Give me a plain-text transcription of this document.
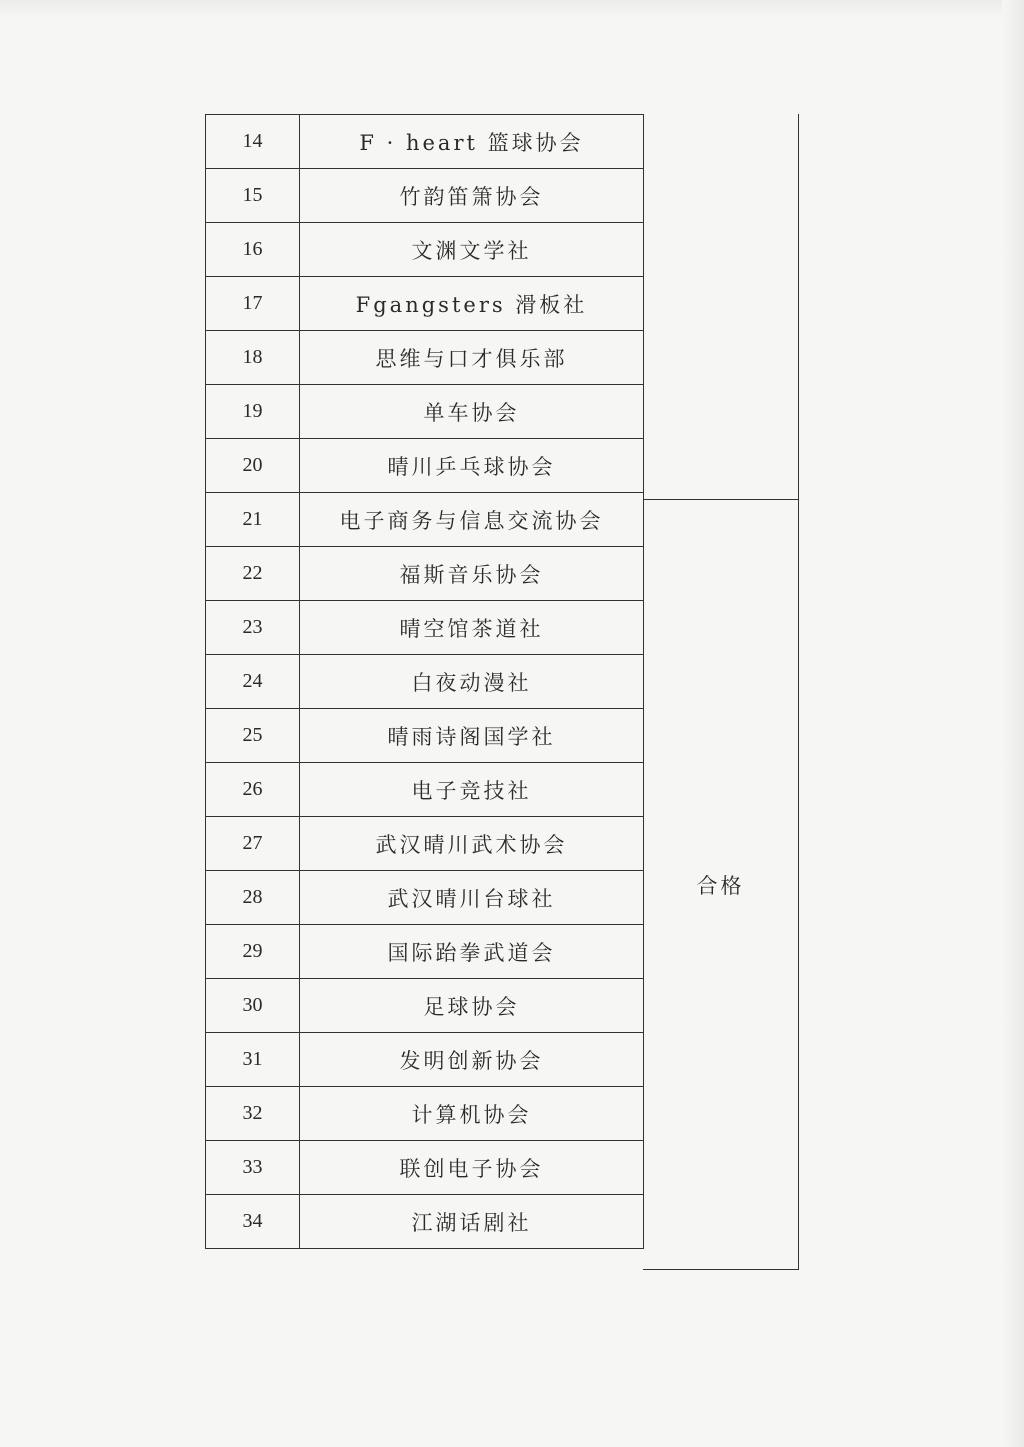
14	F · heart 篮球协会
15	竹韵笛箫协会
16	文渊文学社
17	Fgangsters 滑板社
18	思维与口才俱乐部
19	单车协会
20	晴川乒乓球协会
21	电子商务与信息交流协会
22	福斯音乐协会
23	晴空馆茶道社
24	白夜动漫社
25	晴雨诗阁国学社
26	电子竞技社
27	武汉晴川武术协会
28	武汉晴川台球社
29	国际跆拳武道会
30	足球协会
31	发明创新协会
32	计算机协会
33	联创电子协会
34	江湖话剧社
合格
